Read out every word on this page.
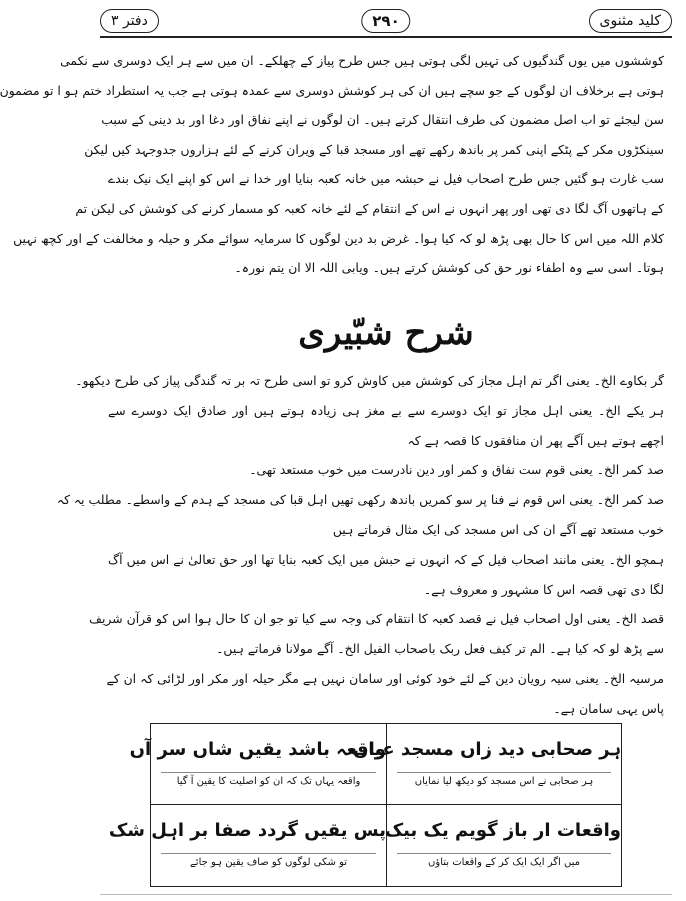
کلید مثنوی
۲۹۰
دفتر ۳
کوششوں میں یوں گندگیوں کی تہیں لگی ہوتی ہیں جس طرح پیاز کے چھلکے۔ ان میں سے ہر ایک دوسری سے نکمی
ہوتی ہے برخلاف ان لوگوں کے جو سچے ہیں ان کی ہر کوشش دوسری سے عمدہ ہوتی ہے جب یہ استطراد ختم ہو ا تو مضمون
سن لیجئے تو اب اصل مضمون کی طرف انتقال کرتے ہیں۔ ان لوگوں نے اپنے نفاق اور دغا اور بد دینی کے سبب
سینکڑوں مکر کے پٹکے اپنی کمر پر باندھ رکھے تھے اور مسجد قبا کے ویران کرنے کے لئے ہزاروں جدوجہد کیں لیکن
سب غارت ہو گئیں جس طرح اصحاب فیل نے حبشہ میں خانہ کعبہ بنایا اور خدا نے اس کو اپنے ایک نیک بندے
کے ہاتھوں آگ لگا دی تھی اور پھر انہوں نے اس کے انتقام کے لئے خانہ کعبہ کو مسمار کرنے کی کوشش کی لیکن تم
کلام اللہ میں اس کا حال بھی پڑھ لو کہ کیا ہوا۔ غرض بد دین لوگوں کا سرمایہ سوائے مکر و حیلہ و مخالفت کے اور کچھ نہیں
ہوتا۔ اسی سے وہ اطفاء نور حق کی کوشش کرتے ہیں۔ ویابی اللہ الا ان یتم نورہ۔
شرح شبّیری
گر بکاوے الخ۔ یعنی اگر تم اہل مجاز کی کوشش میں کاوش کرو تو اسی طرح تہ بر تہ گندگی پیاز کی طرح دیکھو۔
ہر یکے الخ۔ یعنی اہل مجاز تو ایک دوسرے سے بے مغز ہی زیادہ ہوتے ہیں اور صادق ایک دوسرے سے
اچھے ہوتے ہیں آگے پھر ان منافقوں کا قصہ ہے کہ
صد کمر الخ۔ یعنی قوم ست نفاق و کمر اور دین نادرست میں خوب مستعد تھی۔
صد کمر الخ۔ یعنی اس قوم نے فنا پر سو کمریں باندھ رکھی تھیں اہل قبا کی مسجد کے ہدم کے واسطے۔ مطلب یہ کہ
خوب مستعد تھے آگے ان کی اس مسجد کی ایک مثال فرماتے ہیں
ہمچو الخ۔ یعنی مانند اصحاب فیل کے کہ انہوں نے حبش میں ایک کعبہ بنایا تھا اور حق تعالیٰ نے اس میں آگ
لگا دی تھی قصہ اس کا مشہور و معروف ہے۔
قصد الخ۔ یعنی اول اصحاب فیل نے قصد کعبہ کا انتقام کی وجہ سے کیا تو جو ان کا حال ہوا اس کو قرآن شریف
سے پڑھ لو کہ کیا ہے۔ الم تر کیف فعل ربک باصحاب الفیل الخ۔ آگے مولانا فرماتے ہیں۔
مرسیہ الخ۔ یعنی سیہ رویان دین کے لئے خود کوئی اور سامان نہیں ہے مگر حیلہ اور مکر اور لڑائی کہ ان کے
پاس یہی سامان ہے۔
ہر صحابی دید زاں مسجد عیاں
ہر صحابی نے اس مسجد کو دیکھ لیا نمایاں
واقعہ باشد یقیں شاں سر آں
واقعہ یہاں تک کہ ان کو اصلیت کا یقین آ گیا
واقعات ار باز گویم یک بیک
میں اگر ایک ایک کر کے واقعات بتاؤں
پس یقیں گردد صفا بر اہل شک
تو شکی لوگوں کو صاف یقین ہو جائے
